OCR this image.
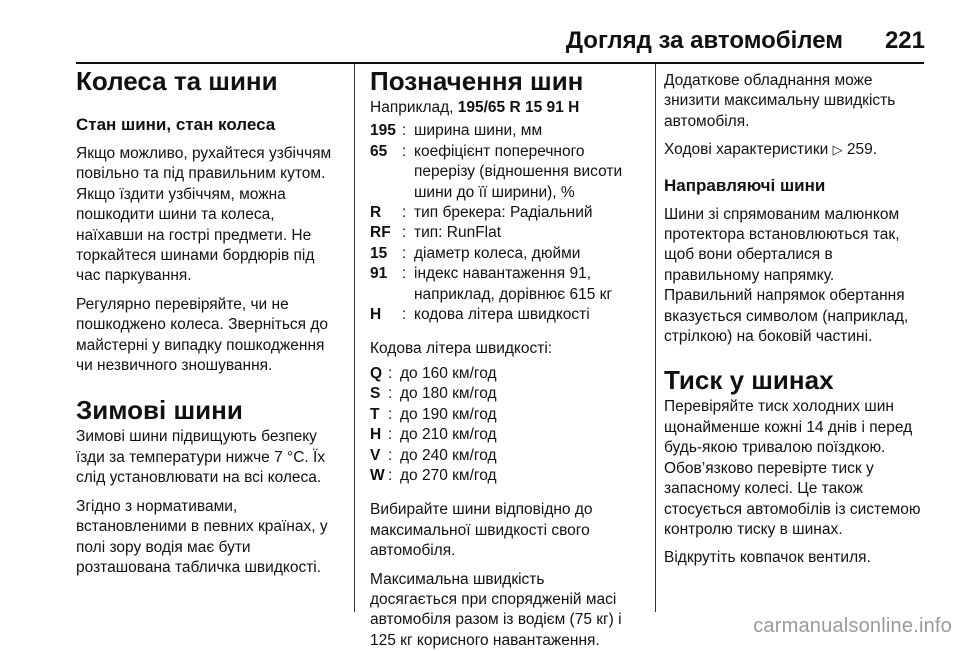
Догляд за автомобілем 221
Колеса та шини
Стан шини, стан колеса

Якщо можливо, рухайтеся узбіччям
повільно та під правильним кутом.
Якщо їздити узбіччям, можна
пошкодити шини та колеса,
наїхавши на гострі предмети. Не
торкайтеся шинами бордюрів під
час паркування.

Регулярно перевіряйте, чи не
пошкоджено колеса. Зверніться до
майстерні у випадку пошкодження
чи незвичного зношування.

Зимові шини

Зимові шини підвищують безпеку
їзди за температури нижче 7 °C. Їх
слід установлювати на всі колеса.

Згідно з нормативами,
встановленими в певних країнах, у
полі зору водія має бути
розташована табличка швидкості.

Позначення шин

Наприклад, 195/65 R 15 91 H

195 : ширина шини, мм
65 : коефіцієнт поперечного
перерізу (відношення висоти
шини до її ширини), %
R	: тип брекера: Радіальний
RF : тип: RunFlat
15 : діаметр колеса, дюйми
91 : індекс навантаження 91,
наприклад, дорівнює 615 кг
H	: кодова літера швидкості

Кодова літера швидкості:

Q : до 160 км/год
S : до 180 км/год
T : до 190 км/год
H : до 210 км/год
V : до 240 км/год
W : до 270 км/год

Вибирайте шини відповідно до
максимальної швидкості свого
автомобіля.

Максимальна швидкість
досягається при спорядженій масі
автомобіля разом із водієм (75 кг) і
125 кг корисного навантаження.

Додаткове обладнання може
знизити максимальну швидкість
автомобіля.

Ходові характеристики ▷ 259.

Направляючі шини

Шини зі спрямованим малюнком
протектора встановлюються так,
щоб вони оберталися в
правильному напрямку.
Правильний напрямок обертання
вказується символом (наприклад,
стрілкою) на боковій частині.

Тиск у шинах

Перевіряйте тиск холодних шин
щонайменше кожні 14 днів і перед
будь-якою тривалою поїздкою.
Обов’язково перевірте тиск у
запасному колесі. Це також
стосується автомобілів із системою
контролю тиску в шинах.

Відкрутіть ковпачок вентиля.

carmanualsonline.info
